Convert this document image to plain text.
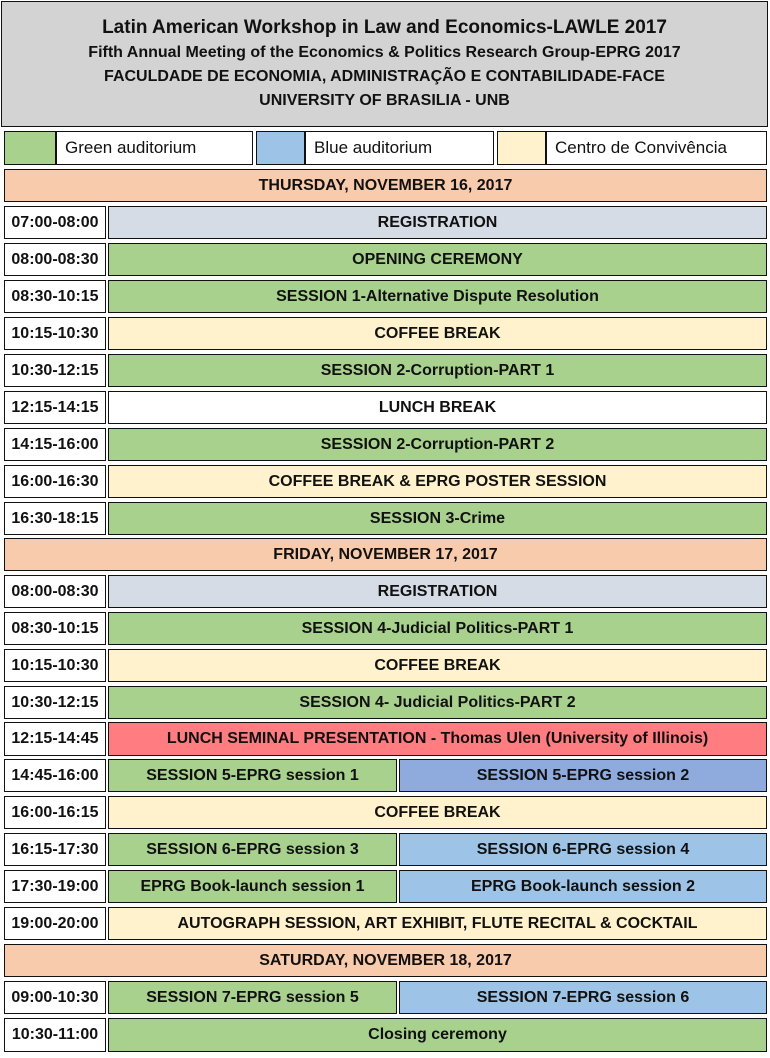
Latin American Workshop in Law and Economics-LAWLE 2017
Fifth Annual Meeting of the Economics & Politics Research Group-EPRG 2017
FACULDADE DE ECONOMIA, ADMINISTRAÇÃO E CONTABILIDADE-FACE
UNIVERSITY OF BRASILIA - UNB
Green auditorium	Blue auditorium	Centro de Convivência
THURSDAY, NOVEMBER 16, 2017
07:00-08:00	REGISTRATION
08:00-08:30	OPENING CEREMONY
08:30-10:15	SESSION 1-Alternative Dispute Resolution
10:15-10:30	COFFEE BREAK
10:30-12:15	SESSION 2-Corruption-PART 1
12:15-14:15	LUNCH BREAK
14:15-16:00	SESSION 2-Corruption-PART 2
16:00-16:30	COFFEE BREAK & EPRG POSTER SESSION
16:30-18:15	SESSION 3-Crime
FRIDAY, NOVEMBER 17, 2017
08:00-08:30	REGISTRATION
08:30-10:15	SESSION 4-Judicial Politics-PART 1
10:15-10:30	COFFEE BREAK
10:30-12:15	SESSION 4- Judicial Politics-PART 2
12:15-14:45	LUNCH SEMINAL PRESENTATION - Thomas Ulen (University of Illinois)
14:45-16:00	SESSION 5-EPRG session 1	SESSION 5-EPRG session 2
16:00-16:15	COFFEE BREAK
16:15-17:30	SESSION 6-EPRG session 3	SESSION 6-EPRG session 4
17:30-19:00	EPRG Book-launch session 1	EPRG Book-launch session 2
19:00-20:00	AUTOGRAPH SESSION, ART EXHIBIT, FLUTE RECITAL & COCKTAIL
SATURDAY, NOVEMBER 18, 2017
09:00-10:30	SESSION 7-EPRG session 5	SESSION 7-EPRG session 6
10:30-11:00	Closing ceremony
